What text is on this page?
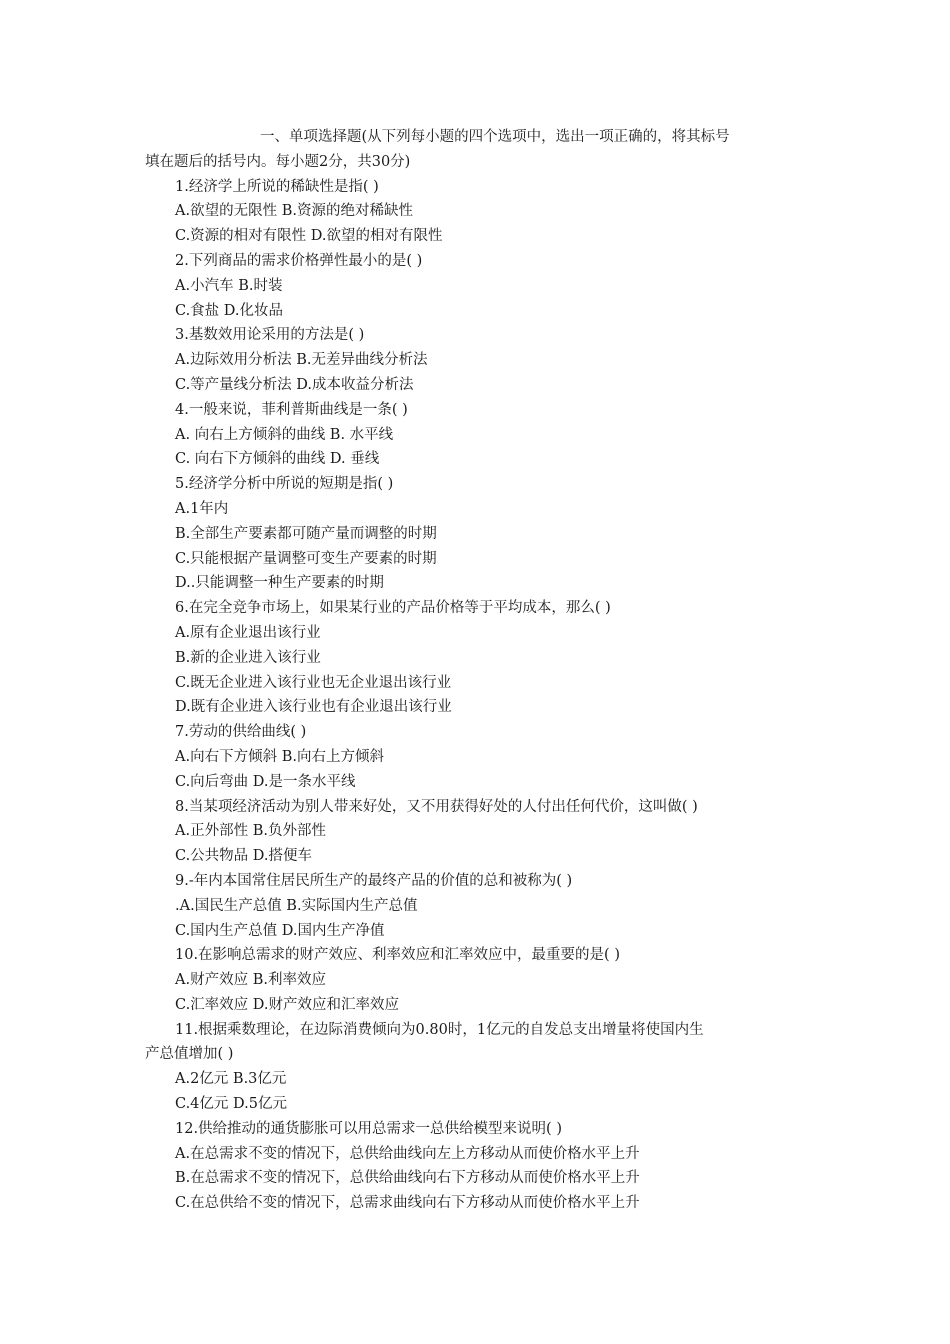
一、单项选择题(从下列每小题的四个选项中，选出一项正确的，将其标号
填在题后的括号内。每小题2分，共30分)
1.经济学上所说的稀缺性是指( )
A.欲望的无限性 B.资源的绝对稀缺性
C.资源的相对有限性 D.欲望的相对有限性
2.下列商品的需求价格弹性最小的是( )
A.小汽车 B.时装
C.食盐 D.化妆品
3.基数效用论采用的方法是( )
A.边际效用分析法 B.无差异曲线分析法
C.等产量线分析法 D.成本收益分析法
4.一般来说，菲利普斯曲线是一条( )
A. 向右上方倾斜的曲线 B. 水平线
C. 向右下方倾斜的曲线 D. 垂线
5.经济学分析中所说的短期是指( )
A.1年内
B.全部生产要素都可随产量而调整的时期
C.只能根据产量调整可变生产要素的时期
D..只能调整一种生产要素的时期
6.在完全竞争市场上，如果某行业的产品价格等于平均成本，那么( )
A.原有企业退出该行业
B.新的企业进入该行业
C.既无企业进入该行业也无企业退出该行业
D.既有企业进入该行业也有企业退出该行业
7.劳动的供给曲线( )
A.向右下方倾斜 B.向右上方倾斜
C.向后弯曲 D.是一条水平线
8.当某项经济活动为别人带来好处，又不用获得好处的人付出任何代价，这叫做( )
A.正外部性 B.负外部性
C.公共物品 D.搭便车
9.-年内本国常住居民所生产的最终产品的价值的总和被称为( )
.A.国民生产总值 B.实际国内生产总值
C.国内生产总值 D.国内生产净值
10.在影响总需求的财产效应、利率效应和汇率效应中，最重要的是( )
A.财产效应 B.利率效应
C.汇率效应 D.财产效应和汇率效应
11.根据乘数理论，在边际消费倾向为0.80时，1亿元的自发总支出增量将使国内生
产总值增加( )
A.2亿元 B.3亿元
C.4亿元 D.5亿元
12.供给推动的通货膨胀可以用总需求一总供给模型来说明( )
A.在总需求不变的情况下，总供给曲线向左上方移动从而使价格水平上升
B.在总需求不变的情况下，总供给曲线向右下方移动从而使价格水平上升
C.在总供给不变的情况下，总需求曲线向右下方移动从而使价格水平上升
